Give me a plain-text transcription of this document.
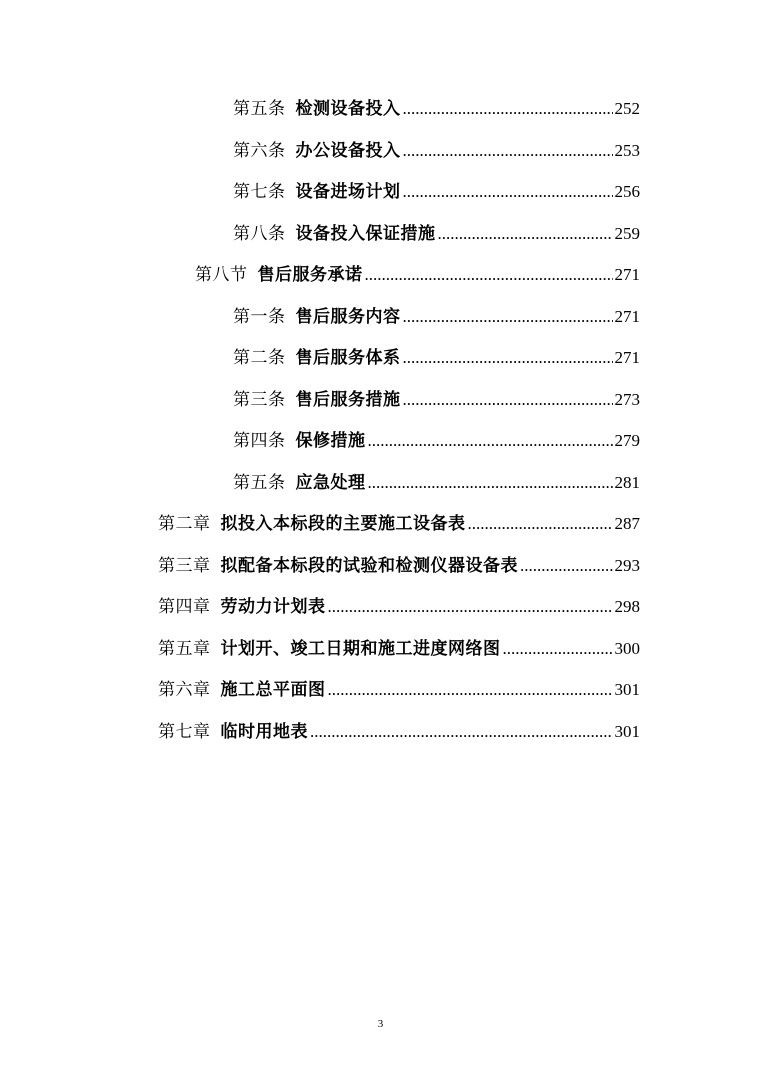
第五条 检测设备投入 .....	252
第六条 办公设备投入 .....	253
第七条 设备进场计划 .....	256
第八条 设备投入保证措施 .....	259
第八节 售后服务承诺 .....	271
第一条 售后服务内容 .....	271
第二条 售后服务体系 .....	271
第三条 售后服务措施 .....	273
第四条 保修措施 .....	279
第五条 应急处理 .....	281
第二章 拟投入本标段的主要施工设备表 .....	287
第三章 拟配备本标段的试验和检测仪器设备表 .....	293
第四章 劳动力计划表 .....	298
第五章 计划开、竣工日期和施工进度网络图 .....	300
第六章 施工总平面图 .....	301
第七章 临时用地表 .....	301
3
